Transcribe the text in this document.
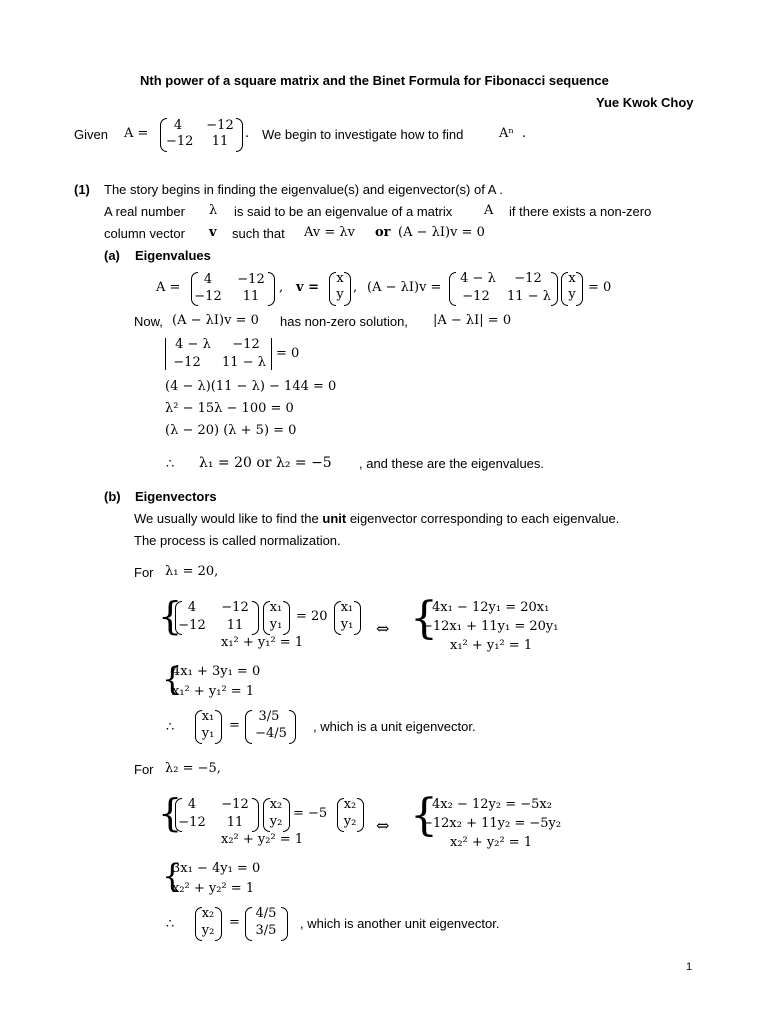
Nth power of a square matrix and the Binet Formula for Fibonacci sequence
Yue Kwok Choy
Given A =
4	−12
−12	11
. We begin to investigate how to find	Aⁿ .
(1) The story begins in finding the eigenvalue(s) and eigenvector(s) of A .
A real number λ is said to be an eigenvalue of a matrix A if there exists a non-zero
column vector v such that Av = λv or (A − λI)v = 0
(a) Eigenvalues
A =
4	−12
−12	11
, v =
x
y , (A − λI)v =
4 − λ	−12
−12	11 − λ
x
y = 0
Now, (A − λI)v = 0 has non-zero solution, |A − λI| = 0
4 − λ	−12
−12	11 − λ
= 0
(4 − λ)(11 − λ) − 144 = 0
λ² − 15λ − 100 = 0
(λ − 20) (λ + 5) = 0
∴ λ₁ = 20 or λ₂ = −5 , and these are the eigenvalues.
(b) Eigenvectors
We usually would like to find the unit eigenvector corresponding to each eigenvalue.
The process is called normalization.
For λ₁ = 20,
{ 4	−12
−12	11
x₁
y₁
= 20
x₁
y₁
x₁² + y₁² = 1
⇔ {
4x₁ − 12y₁ = 20x₁
−12x₁ + 11y₁ = 20y₁
x₁² + y₁² = 1
{
4x₁ + 3y₁ = 0
x₁² + y₁² = 1
∴
x₁
y₁
=
3/5
−4/5	, which is a unit eigenvector.
For λ₂ = −5,
{ 4	−12
−12	11
x₂
y₂
= −5
x₂
y₂
x₂² + y₂² = 1
⇔ {
4x₂ − 12y₂ = −5x₂
−12x₂ + 11y₂ = −5y₂
x₂² + y₂² = 1
{
3x₁ − 4y₁ = 0
x₂² + y₂² = 1
∴
x₂
y₂
=
4/5
3/5	, which is another unit eigenvector.
1
